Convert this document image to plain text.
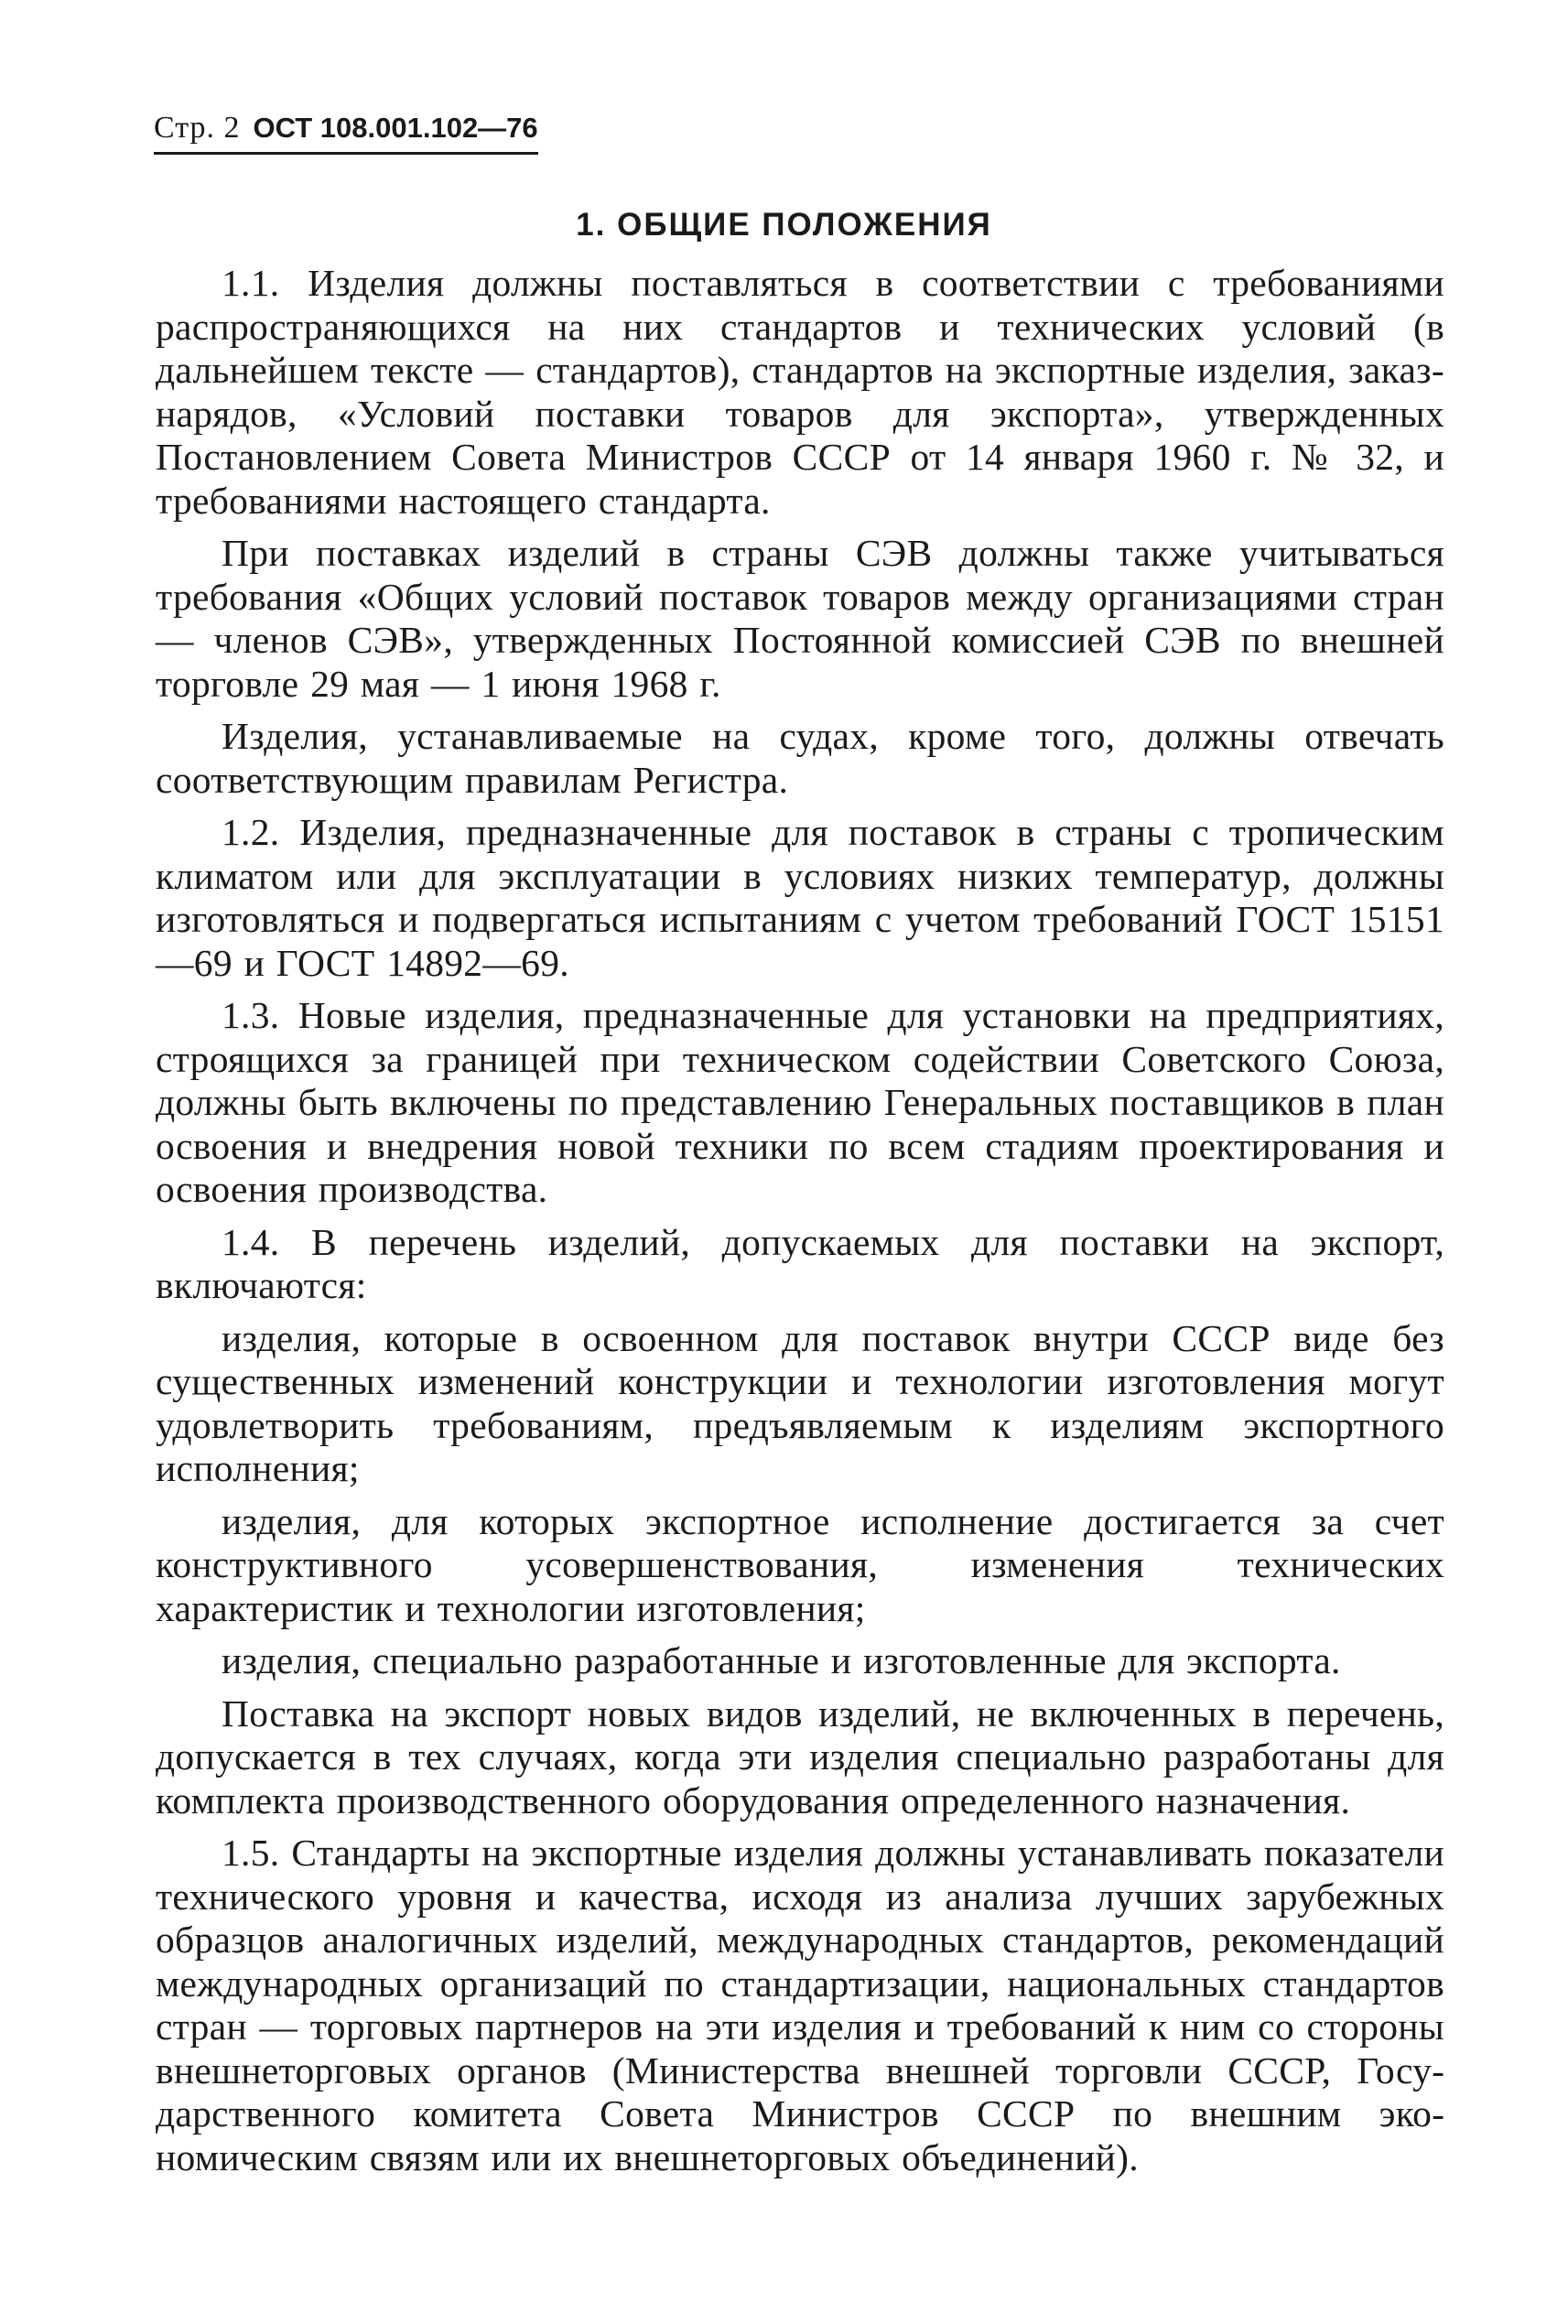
Стр. 2 ОСТ 108.001.102—76
1. ОБЩИЕ ПОЛОЖЕНИЯ

1.1. Изделия должны поставляться в соответствии с требованиями распространяющихся на них стандартов и технических условий (в дальнейшем тексте — стандартов), стандартов на экспортные изделия, заказ-нарядов, «Условий поставки товаров для экспорта», утвержденных Постановлением Совета Министров СССР от 14 января 1960 г. № 32, и требованиями настоящего стандарта.

При поставках изделий в страны СЭВ должны также учитываться требования «Общих условий поставок товаров между организациями стран — членов СЭВ», утвержденных Постоянной комиссией СЭВ по внешней торговле 29 мая — 1 июня 1968 г.

Изделия, устанавливаемые на судах, кроме того, должны отвечать соответствующим правилам Регистра.

1.2. Изделия, предназначенные для поставок в страны с тропическим климатом или для эксплуатации в условиях низких температур, должны изготовляться и подвергаться испытаниям с учетом требований ГОСТ 15151—69 и ГОСТ 14892—69.

1.3. Новые изделия, предназначенные для установки на предприятиях, строящихся за границей при техническом содействии Советского Союза, должны быть включены по представлению Генеральных поставщиков в план освоения и внедрения новой техники по всем стадиям проектирования и освоения производства.

1.4. В перечень изделий, допускаемых для поставки на экспорт, включаются:

изделия, которые в освоенном для поставок внутри СССР виде без существенных изменений конструкции и технологии изготовления могут удовлетворить требованиям, предъявляемым к изделиям экспортного исполнения;

изделия, для которых экспортное исполнение достигается за счет конструктивного усовершенствования, изменения технических характеристик и технологии изготовления;

изделия, специально разработанные и изготовленные для экспорта.

Поставка на экспорт новых видов изделий, не включенных в перечень, допускается в тех случаях, когда эти изделия специально разработаны для комплекта производственного оборудования определенного назначения.

1.5. Стандарты на экспортные изделия должны устанавливать показатели технического уровня и качества, исходя из анализа лучших зарубежных образцов аналогичных изделий, международных стандартов, рекомендаций международных организаций по стандартизации, национальных стандартов стран — торговых партнеров на эти изделия и требований к ним со стороны внешнеторговых органов (Министерства внешней торговли СССР, Государственного комитета Совета Министров СССР по внешним экономическим связям или их внешнеторговых объединений).
